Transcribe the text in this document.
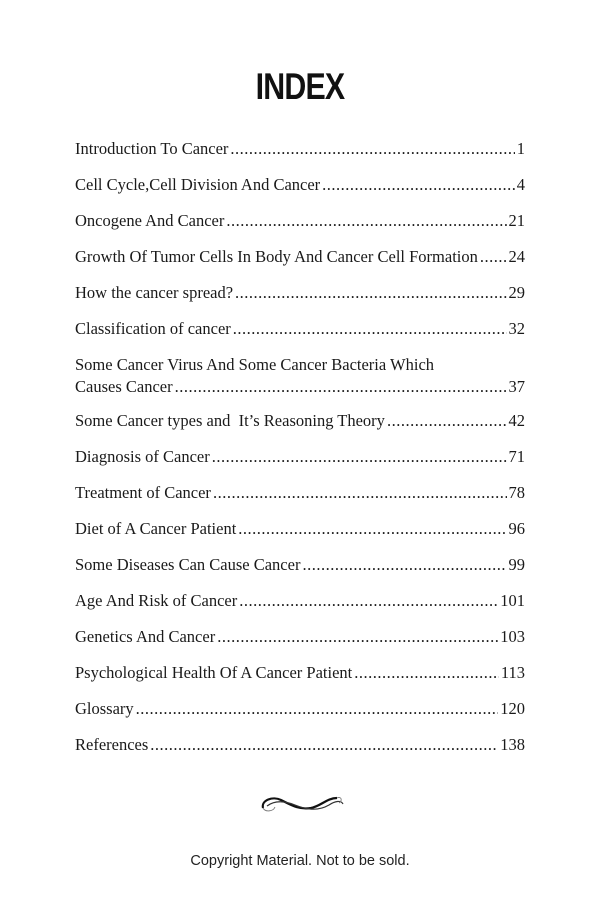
INDEX
Introduction To Cancer .....	1
Cell Cycle,Cell Division And Cancer .....	4
Oncogene And Cancer .....	21
Growth Of Tumor Cells In Body And Cancer Cell Formation ..... 24
How the cancer spread? .....	29
Classification of cancer .....	32
Some Cancer Virus And Some Cancer Bacteria Which
Causes Cancer .....	37
Some Cancer types and  It’s Reasoning Theory .....	42
Diagnosis of Cancer .....	71
Treatment of Cancer .....	78
Diet of A Cancer Patient .....	96
Some Diseases Can Cause Cancer .....	99
Age And Risk of Cancer .....	101
Genetics And Cancer .....	103
Psychological Health Of A Cancer Patient .....	113
Glossary .....	120
References .....	138
Copyright Material. Not to be sold.
